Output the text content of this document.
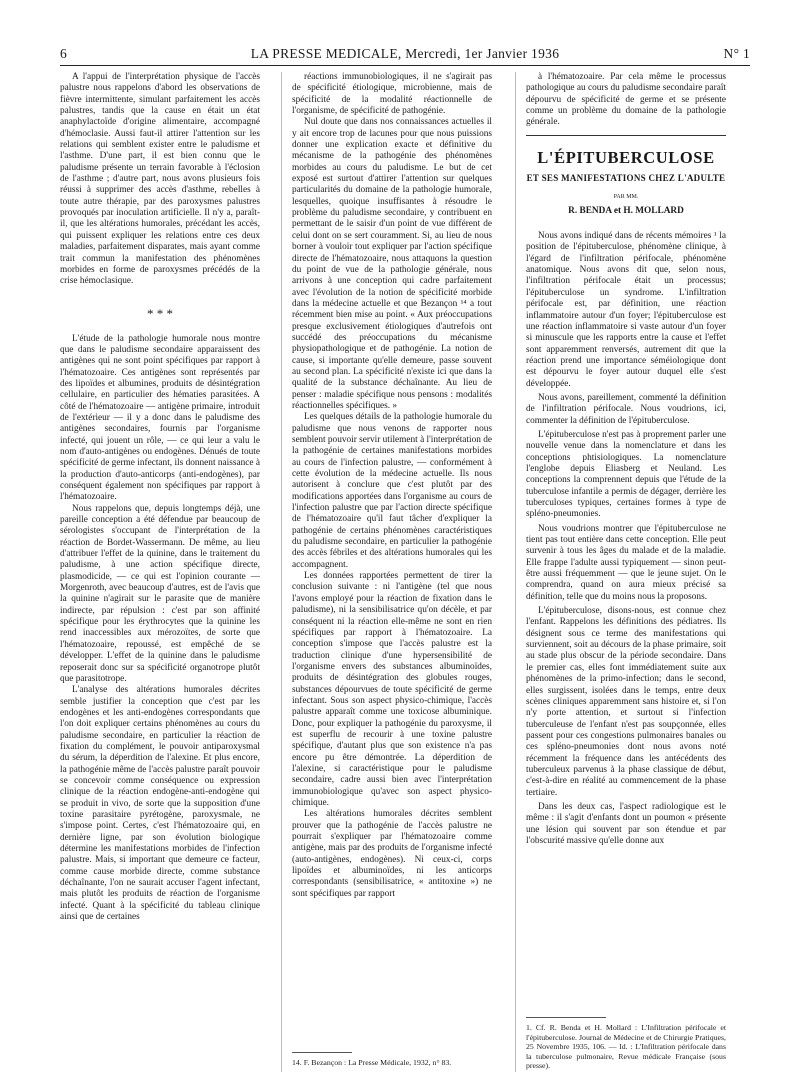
6	LA PRESSE MEDICALE, Mercredi, 1er Janvier 1936	N° 1

A l'appui de l'interprétation physique de l'accès palustre nous rappelons d'abord les observations de fièvre intermittente, simulant parfaitement les accès palustres, tandis que la cause en était un état anaphylactoïde d'origine alimentaire, accompagné d'hémoclasie. Aussi faut-il attirer l'attention sur les relations qui semblent exister entre le paludisme et l'asthme. D'une part, il est bien connu que le paludisme présente un terrain favorable à l'éclosion de l'asthme ; d'autre part, nous avons plusieurs fois réussi à supprimer des accès d'asthme, rebelles à toute autre thérapie, par des paroxysmes palustres provoqués par inoculation artificielle. Il n'y a, paraît-il, que les altérations humorales, précédant les accès, qui puissent expliquer les relations entre ces deux maladies, parfaitement disparates, mais ayant comme trait commun la manifestation des phénomènes morbides en forme de paroxysmes précédés de la crise hémoclasique.

* * *

L'étude de la pathologie humorale nous montre que dans le paludisme secondaire apparaissent des antigènes qui ne sont point spécifiques par rapport à l'hématozoaire. Ces antigènes sont représentés par des lipoïdes et albumines, produits de désintégration cellulaire, en particulier des hématies parasitées. A côté de l'hématozoaire — antigène primaire, introduit de l'extérieur — il y a donc dans le paludisme des antigènes secondaires, fournis par l'organisme infecté, qui jouent un rôle, — ce qui leur a valu le nom d'auto-antigènes ou endogènes. Dénués de toute spécificité de germe infectant, ils donnent naissance à la production d'auto-anticorps (anti-endogènes), par conséquent également non spécifiques par rapport à l'hématozoaire.

Nous rappelons que, depuis longtemps déjà, une pareille conception a été défendue par beaucoup de sérologistes s'occupant de l'interprétation de la réaction de Bordet-Wassermann. De même, au lieu d'attribuer l'effet de la quinine, dans le traitement du paludisme, à une action spécifique directe, plasmodicide, — ce qui est l'opinion courante — Morgenroth, avec beaucoup d'autres, est de l'avis que la quinine n'agirait sur le parasite que de manière indirecte, par répulsion : c'est par son affinité spécifique pour les érythrocytes que la quinine les rend inaccessibles aux mérozoïtes, de sorte que l'hématozoaire, repoussé, est empêché de se développer. L'effet de la quinine dans le paludisme reposerait donc sur sa spécificité organotrope plutôt que parasitotrope.

L'analyse des altérations humorales décrites semble justifier la conception que c'est par les endogènes et les anti-endogènes correspondants que l'on doit expliquer certains phénomènes au cours du paludisme secondaire, en particulier la réaction de fixation du complément, le pouvoir antiparoxysmal du sérum, la déperdition de l'alexine. Et plus encore, la pathogénie même de l'accès palustre paraît pouvoir se concevoir comme conséquence ou expression clinique de la réaction endogène-anti-endogène qui se produit in vivo, de sorte que la supposition d'une toxine parasitaire pyrétogène, paroxysmale, ne s'impose point. Certes, c'est l'hématozoaire qui, en dernière ligne, par son évolution biologique détermine les manifestations morbides de l'infection palustre. Mais, si important que demeure ce facteur, comme cause morbide directe, comme substance déchaînante, l'on ne saurait accuser l'agent infectant, mais plutôt les produits de réaction de l'organisme infecté. Quant à la spécificité du tableau clinique ainsi que de certaines

réactions immunobiologiques, il ne s'agirait pas de spécificité étiologique, microbienne, mais de spécificité de la modalité réactionnelle de l'organisme, de spécificité de pathogénie.

Nul doute que dans nos connaissances actuelles il y ait encore trop de lacunes pour que nous puissions donner une explication exacte et définitive du mécanisme de la pathogénie des phénomènes morbides au cours du paludisme. Le but de cet exposé est surtout d'attirer l'attention sur quelques particularités du domaine de la pathologie humorale, lesquelles, quoique insuffisantes à résoudre le problème du paludisme secondaire, y contribuent en permettant de le saisir d'un point de vue différent de celui dont on se sert couramment. Si, au lieu de nous borner à vouloir tout expliquer par l'action spécifique directe de l'hématozoaire, nous attaquons la question du point de vue de la pathologie générale, nous arrivons à une conception qui cadre parfaitement avec l'évolution de la notion de spécificité morbide dans la médecine actuelle et que Bezançon ¹⁴ a tout récemment bien mise au point. « Aux préoccupations presque exclusivement étiologiques d'autrefois ont succédé des préoccupations du mécanisme physiopathologique et de pathogénie. La notion de cause, si importante qu'elle demeure, passe souvent au second plan. La spécificité n'existe ici que dans la qualité de la substance déchaînante. Au lieu de penser : maladie spécifique nous pensons : modalités réactionnelles spécifiques. »

Les quelques détails de la pathologie humorale du paludisme que nous venons de rapporter nous semblent pouvoir servir utilement à l'interprétation de la pathogénie de certaines manifestations morbides au cours de l'infection palustre, — conformément à cette évolution de la médecine actuelle. Ils nous autorisent à conclure que c'est plutôt par des modifications apportées dans l'organisme au cours de l'infection palustre que par l'action directe spécifique de l'hématozoaire qu'il faut tâcher d'expliquer la pathogénie de certains phénomènes caractéristiques du paludisme secondaire, en particulier la pathogénie des accès fébriles et des altérations humorales qui les accompagnent.

Les données rapportées permettent de tirer la conclusion suivante : ni l'antigène (tel que nous l'avons employé pour la réaction de fixation dans le paludisme), ni la sensibilisatrice qu'on décèle, et par conséquent ni la réaction elle-même ne sont en rien spécifiques par rapport à l'hématozoaire. La conception s'impose que l'accès palustre est la traduction clinique d'une hypersensibilité de l'organisme envers des substances albuminoïdes, produits de désintégration des globules rouges, substances dépourvues de toute spécificité de germe infectant. Sous son aspect physico-chimique, l'accès palustre apparaît comme une toxicose albuminique. Donc, pour expliquer la pathogénie du paroxysme, il est superflu de recourir à une toxine palustre spécifique, d'autant plus que son existence n'a pas encore pu être démontrée. La déperdition de l'alexine, si caractéristique pour le paludisme secondaire, cadre aussi bien avec l'interprétation immunobiologique qu'avec son aspect physico-chimique.

Les altérations humorales décrites semblent prouver que la pathogénie de l'accès palustre ne pourrait s'expliquer par l'hématozoaire comme antigène, mais par des produits de l'organisme infecté (auto-antigènes, endogènes). Ni ceux-ci, corps lipoïdes et albuminoïdes, ni les anticorps correspondants (sensibilisatrice, « antitoxine ») ne sont spécifiques par rapport

14. F. Bezançon : La Presse Médicale, 1932, n° 83.

à l'hématozoaire. Par cela même le processus pathologique au cours du paludisme secondaire paraît dépourvu de spécificité de germe et se présente comme un problème du domaine de la pathologie générale.

L'ÉPITUBERCULOSE
ET SES MANIFESTATIONS CHEZ L'ADULTE
PAR MM.
R. BENDA et H. MOLLARD

Nous avons indiqué dans de récents mémoires ¹ la position de l'épituberculose, phénomène clinique, à l'égard de l'infiltration périfocale, phénomène anatomique. Nous avons dit que, selon nous, l'infiltration périfocale était un processus; l'épituberculose un syndrome. L'infiltration périfocale est, par définition, une réaction inflammatoire autour d'un foyer; l'épituberculose est une réaction inflammatoire si vaste autour d'un foyer si minuscule que les rapports entre la cause et l'effet sont apparemment renversés, autrement dit que la réaction prend une importance séméiologique dont est dépourvu le foyer autour duquel elle s'est développée.

Nous avons, pareillement, commenté la définition de l'infiltration périfocale. Nous voudrions, ici, commenter la définition de l'épituberculose.

L'épituberculose n'est pas à proprement parler une nouvelle venue dans la nomenclature et dans les conceptions phtisiologiques. La nomenclature l'englobe depuis Eliasberg et Neuland. Les conceptions la comprennent depuis que l'étude de la tuberculose infantile a permis de dégager, derrière les tuberculoses typiques, certaines formes à type de spléno-pneumonies.

Nous voudrions montrer que l'épituberculose ne tient pas tout entière dans cette conception. Elle peut survenir à tous les âges du malade et de la maladie. Elle frappe l'adulte aussi typiquement — sinon peut-être aussi fréquemment — que le jeune sujet. On le comprendra, quand on aura mieux précisé sa définition, telle que du moins nous la proposons.

L'épituberculose, disons-nous, est connue chez l'enfant. Rappelons les définitions des pédiatres. Ils désignent sous ce terme des manifestations qui surviennent, soit au décours de la phase primaire, soit au stade plus obscur de la période secondaire. Dans le premier cas, elles font immédiatement suite aux phénomènes de la primo-infection; dans le second, elles surgissent, isolées dans le temps, entre deux scènes cliniques apparemment sans histoire et, si l'on n'y porte attention, et surtout si l'infection tuberculeuse de l'enfant n'est pas soupçonnée, elles passent pour ces congestions pulmonaires banales ou ces spléno-pneumonies dont nous avons noté récemment la fréquence dans les antécédents des tuberculeux parvenus à la phase classique de début, c'est-à-dire en réalité au commencement de la phase tertiaire.

Dans les deux cas, l'aspect radiologique est le même : il s'agit d'enfants dont un poumon « présente une lésion qui souvent par son étendue et par l'obscurité massive qu'elle donne aux

1. Cf. R. Benda et H. Mollard : L'Infiltration périfocale et l'épituberculose. Journal de Médecine et de Chirurgie Pratiques, 25 Novembre 1935, 106. — Id. : L'Infiltration périfocale dans la tuberculose pulmonaire, Revue médicale Française (sous presse).
